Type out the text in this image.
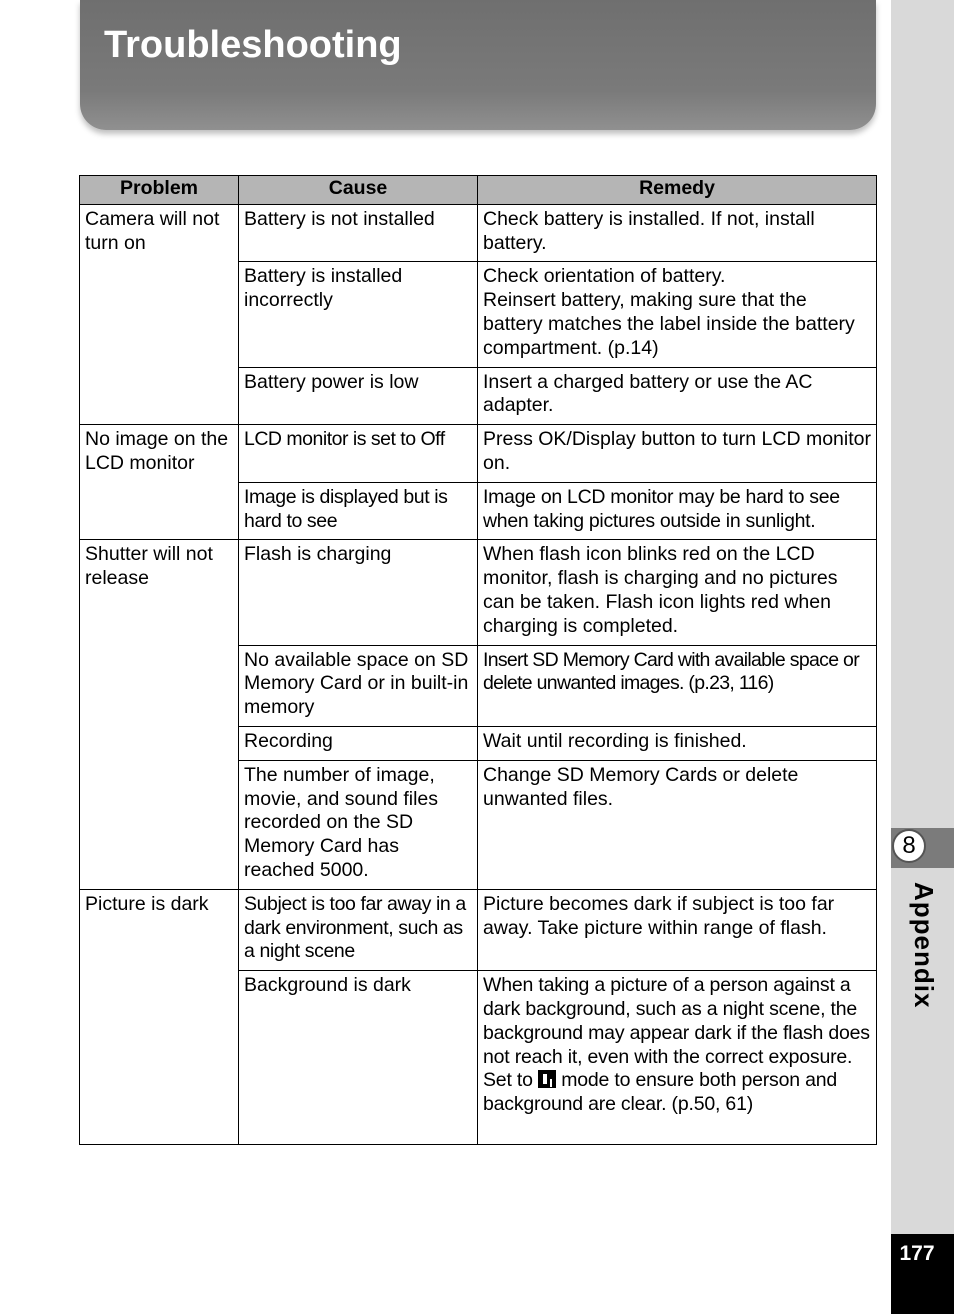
Troubleshooting
8
Appendix
177
Problem	Cause	Remedy
Camera will not turn on	Battery is not installed	Check battery is installed. If not, install battery.
	Battery is installed incorrectly	Check orientation of battery.
Reinsert battery, making sure that the battery matches the label inside the battery compartment. (p.14)
	Battery power is low	Insert a charged battery or use the AC adapter.
No image on the LCD monitor	LCD monitor is set to Off	Press OK/Display button to turn LCD monitor on.
	Image is displayed but is hard to see	Image on LCD monitor may be hard to see when taking pictures outside in sunlight.
Shutter will not release	Flash is charging	When flash icon blinks red on the LCD monitor, flash is charging and no pictures can be taken. Flash icon lights red when charging is completed.
	No available space on SD Memory Card or in built-in memory	Insert SD Memory Card with available space or delete unwanted images. (p.23, 116)
	Recording	Wait until recording is finished.
	The number of image, movie, and sound files recorded on the SD Memory Card has reached 5000.	Change SD Memory Cards or delete unwanted files.
Picture is dark	Subject is too far away in a dark environment, such as a night scene	Picture becomes dark if subject is too far away. Take picture within range of flash.
	Background is dark	When taking a picture of a person against a dark background, such as a night scene, the background may appear dark if the flash does not reach it, even with the correct exposure. Set to mode to ensure both person and background are clear. (p.50, 61)
